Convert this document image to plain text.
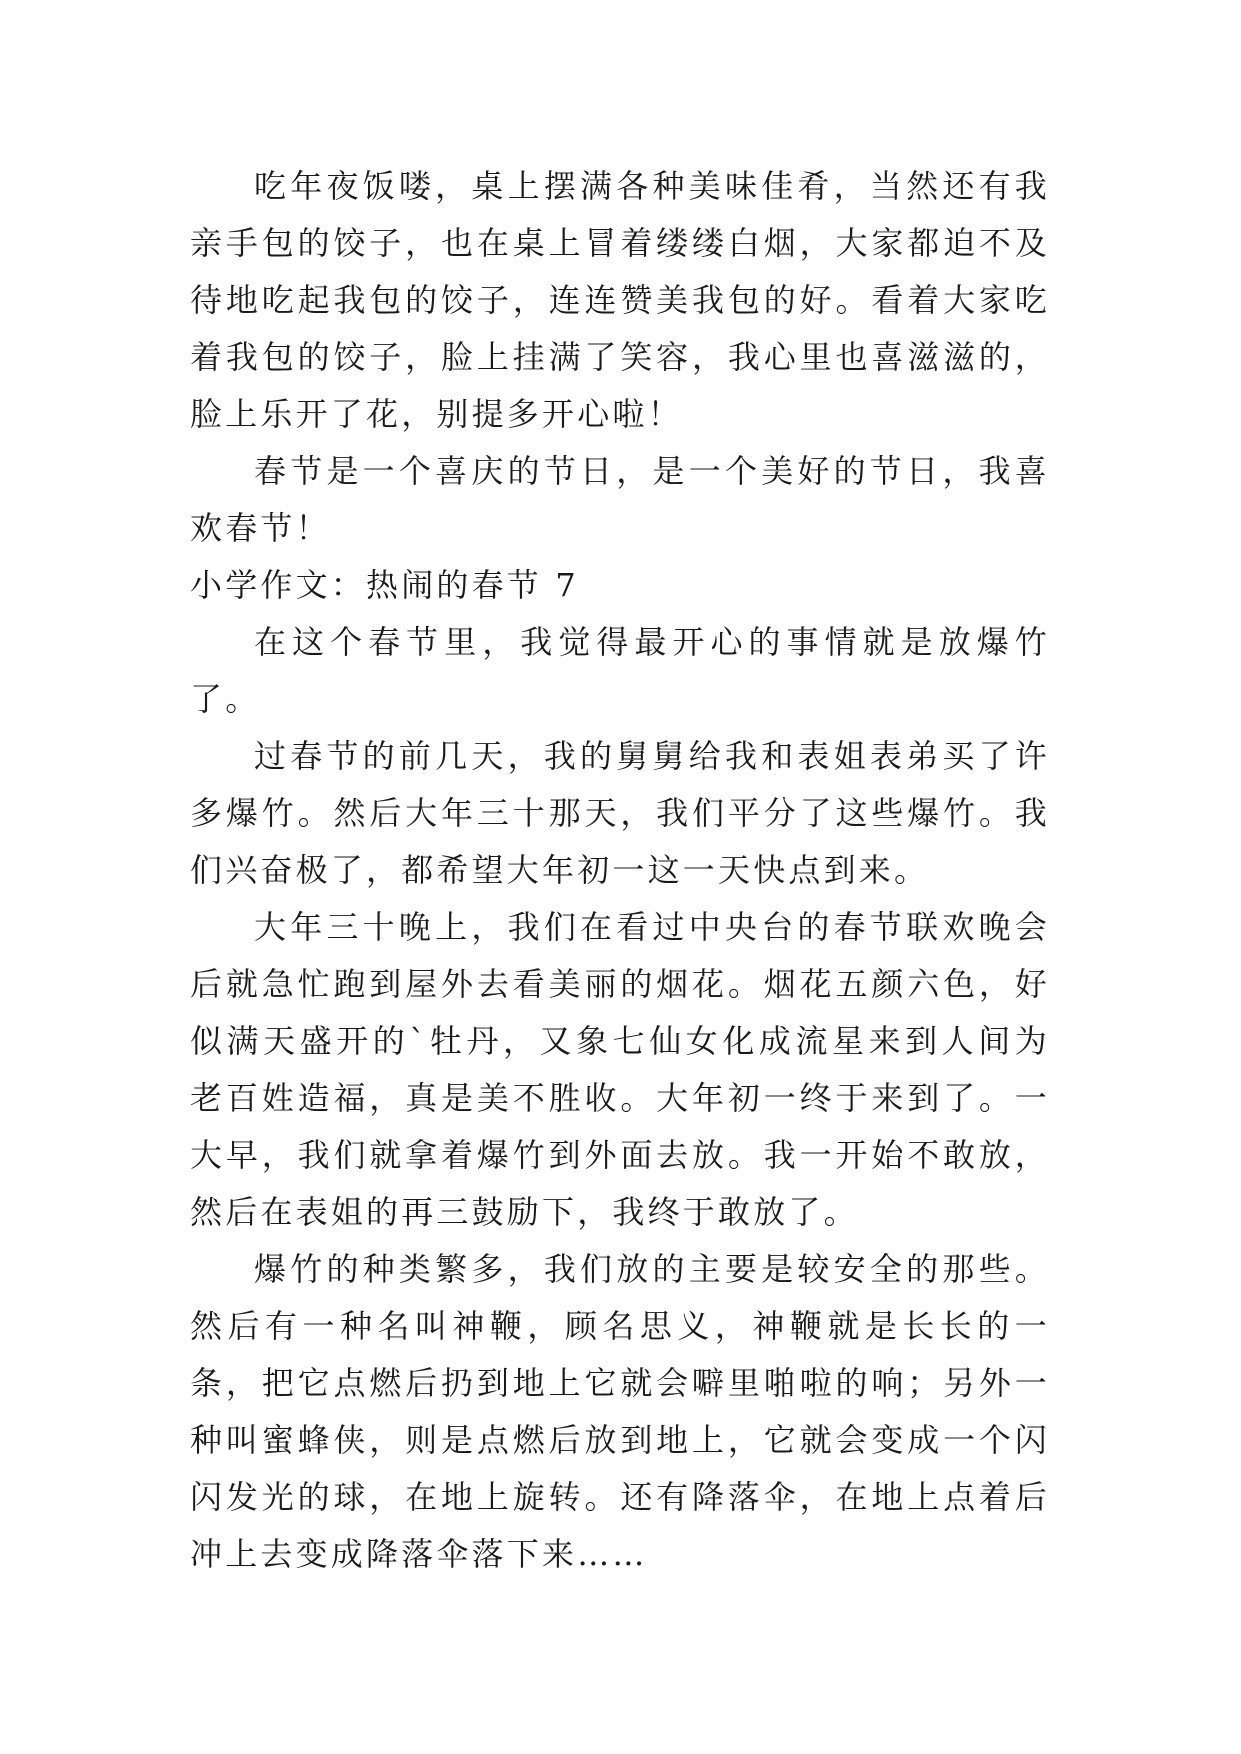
吃年夜饭喽，桌上摆满各种美味佳肴，当然还有我亲手包的饺子，也在桌上冒着缕缕白烟，大家都迫不及待地吃起我包的饺子，连连赞美我包的好。看着大家吃着我包的饺子，脸上挂满了笑容，我心里也喜滋滋的，脸上乐开了花，别提多开心啦！

春节是一个喜庆的节日，是一个美好的节日，我喜欢春节！

小学作文：热闹的春节 7

在这个春节里，我觉得最开心的事情就是放爆竹了。

过春节的前几天，我的舅舅给我和表姐表弟买了许多爆竹。然后大年三十那天，我们平分了这些爆竹。我们兴奋极了，都希望大年初一这一天快点到来。

大年三十晚上，我们在看过中央台的春节联欢晚会后就急忙跑到屋外去看美丽的烟花。烟花五颜六色，好似满天盛开的`牡丹，又象七仙女化成流星来到人间为老百姓造福，真是美不胜收。大年初一终于来到了。一大早，我们就拿着爆竹到外面去放。我一开始不敢放，然后在表姐的再三鼓励下，我终于敢放了。

爆竹的种类繁多，我们放的主要是较安全的那些。然后有一种名叫神鞭，顾名思义，神鞭就是长长的一条，把它点燃后扔到地上它就会噼里啪啦的响；另外一种叫蜜蜂侠，则是点燃后放到地上，它就会变成一个闪闪发光的球，在地上旋转。还有降落伞，在地上点着后冲上去变成降落伞落下来……
